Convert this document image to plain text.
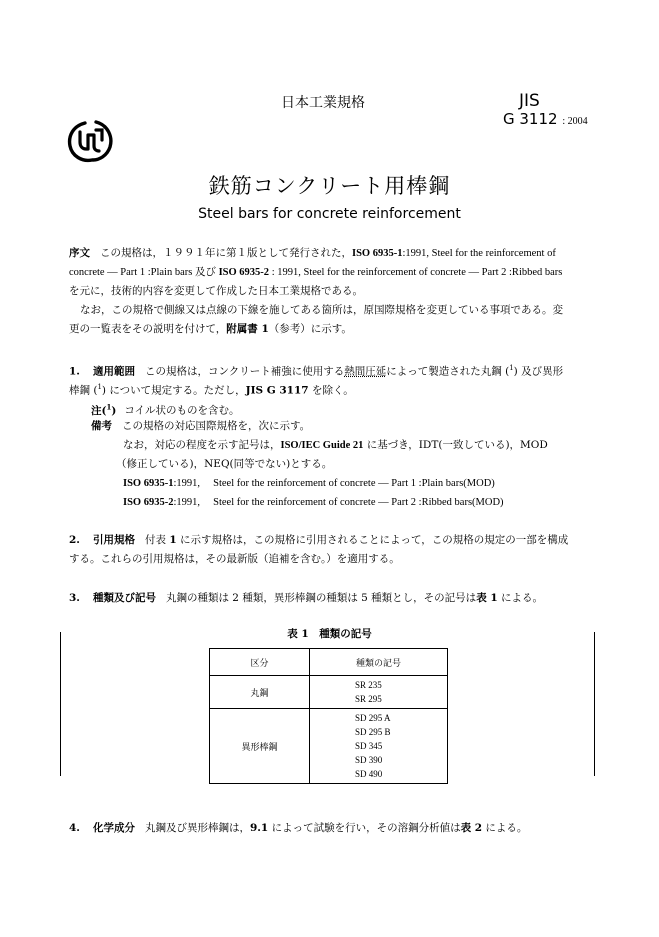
日本工業規格	JIS
G 3112 : 2004
鉄筋コンクリート用棒鋼
Steel bars for concrete reinforcement
序文 この規格は，１９９１年に第１版として発行された，ISO 6935-1:1991, Steel for the reinforcement of
concrete — Part 1 :Plain bars 及び ISO 6935-2 : 1991, Steel for the reinforcement of concrete — Part 2 :Ribbed bars
を元に，技術的内容を変更して作成した日本工業規格である。
なお，この規格で側線又は点線の下線を施してある箇所は，原国際規格を変更している事項である。変
更の一覧表をその説明を付けて，附属書 1（参考）に示す。
1. 適用範囲 この規格は，コンクリート補強に使用する熱間圧延によって製造された丸鋼 ($^1$) 及び異形
棒鋼 ($^1$) について規定する。ただし，JIS G 3117 を除く。
注($^1$) コイル状のものを含む。
備考 この規格の対応国際規格を，次に示す。
なお，対応の程度を示す記号は，ISO/IEC Guide 21 に基づき，IDT(一致している)，MOD
（修正している)，NEQ(同等でない)とする。
ISO 6935-1:1991,     Steel for the reinforcement of concrete — Part 1 :Plain bars(MOD)
ISO 6935-2:1991,     Steel for the reinforcement of concrete — Part 2 :Ribbed bars(MOD)
2. 引用規格 付表 1 に示す規格は，この規格に引用されることによって，この規格の規定の一部を構成
する。これらの引用規格は，その最新版（追補を含む。）を適用する。
3. 種類及び記号 丸鋼の種類は 2 種類，異形棒鋼の種類は 5 種類とし，その記号は表 1 による。
表 1　種類の記号
区分	種類の記号
丸鋼	SR 235
SR 295

異形棒鋼	SD 295 A
SD 295 B
SD 345
SD 390
SD 490
4. 化学成分 丸鋼及び異形棒鋼は，9.1 によって試験を行い，その溶鋼分析値は表 2 による。
